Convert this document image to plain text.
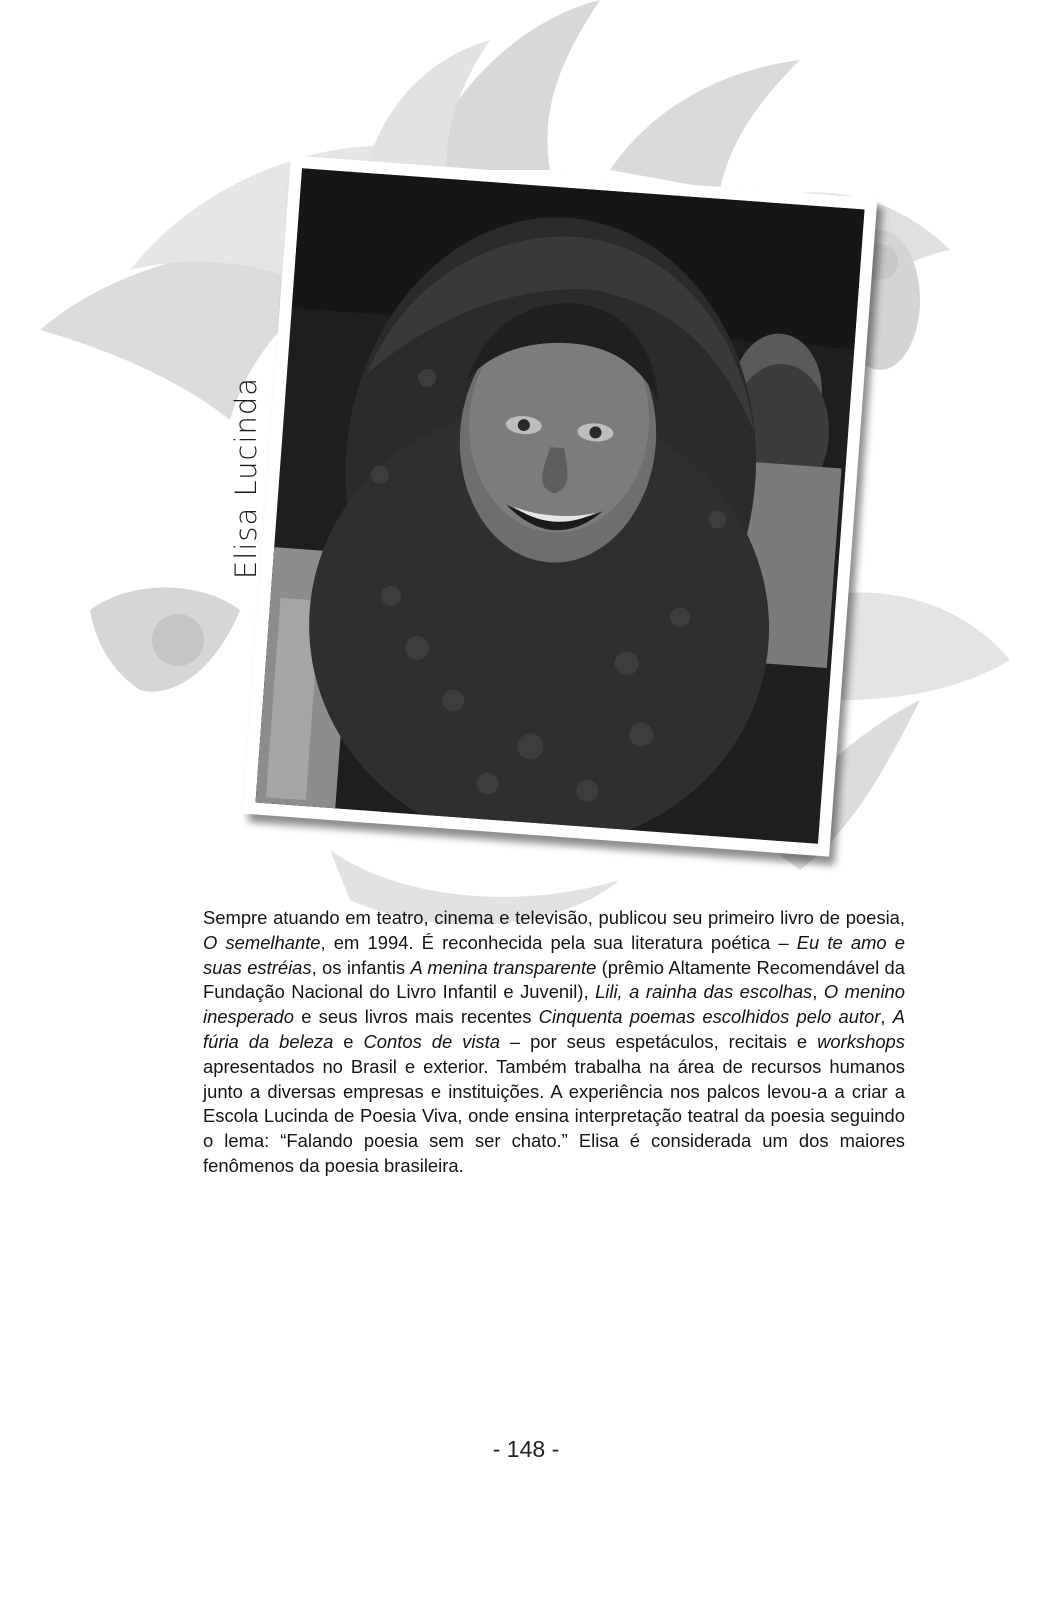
Elisa Lucinda
Sempre atuando em teatro, cinema e televisão, publicou seu primeiro livro de poesia, O semelhante, em 1994. É reconhecida pela sua literatura poética – Eu te amo e suas estréias, os infantis A menina transparente (prêmio Altamente Recomendável da Fundação Nacional do Livro Infantil e Juvenil), Lili, a rainha das escolhas, O menino inesperado e seus livros mais recentes Cinquenta poemas escolhidos pelo autor, A fúria da beleza e Contos de vista – por seus espetáculos, recitais e workshops apresentados no Brasil e exterior. Também trabalha na área de recursos humanos junto a diversas empresas e instituições. A experiência nos palcos levou-a a criar a Escola Lucinda de Poesia Viva, onde ensina interpretação teatral da poesia seguindo o lema: “Falando poesia sem ser chato.” Elisa é considerada um dos maiores fenômenos da poesia brasileira.
- 148 -
